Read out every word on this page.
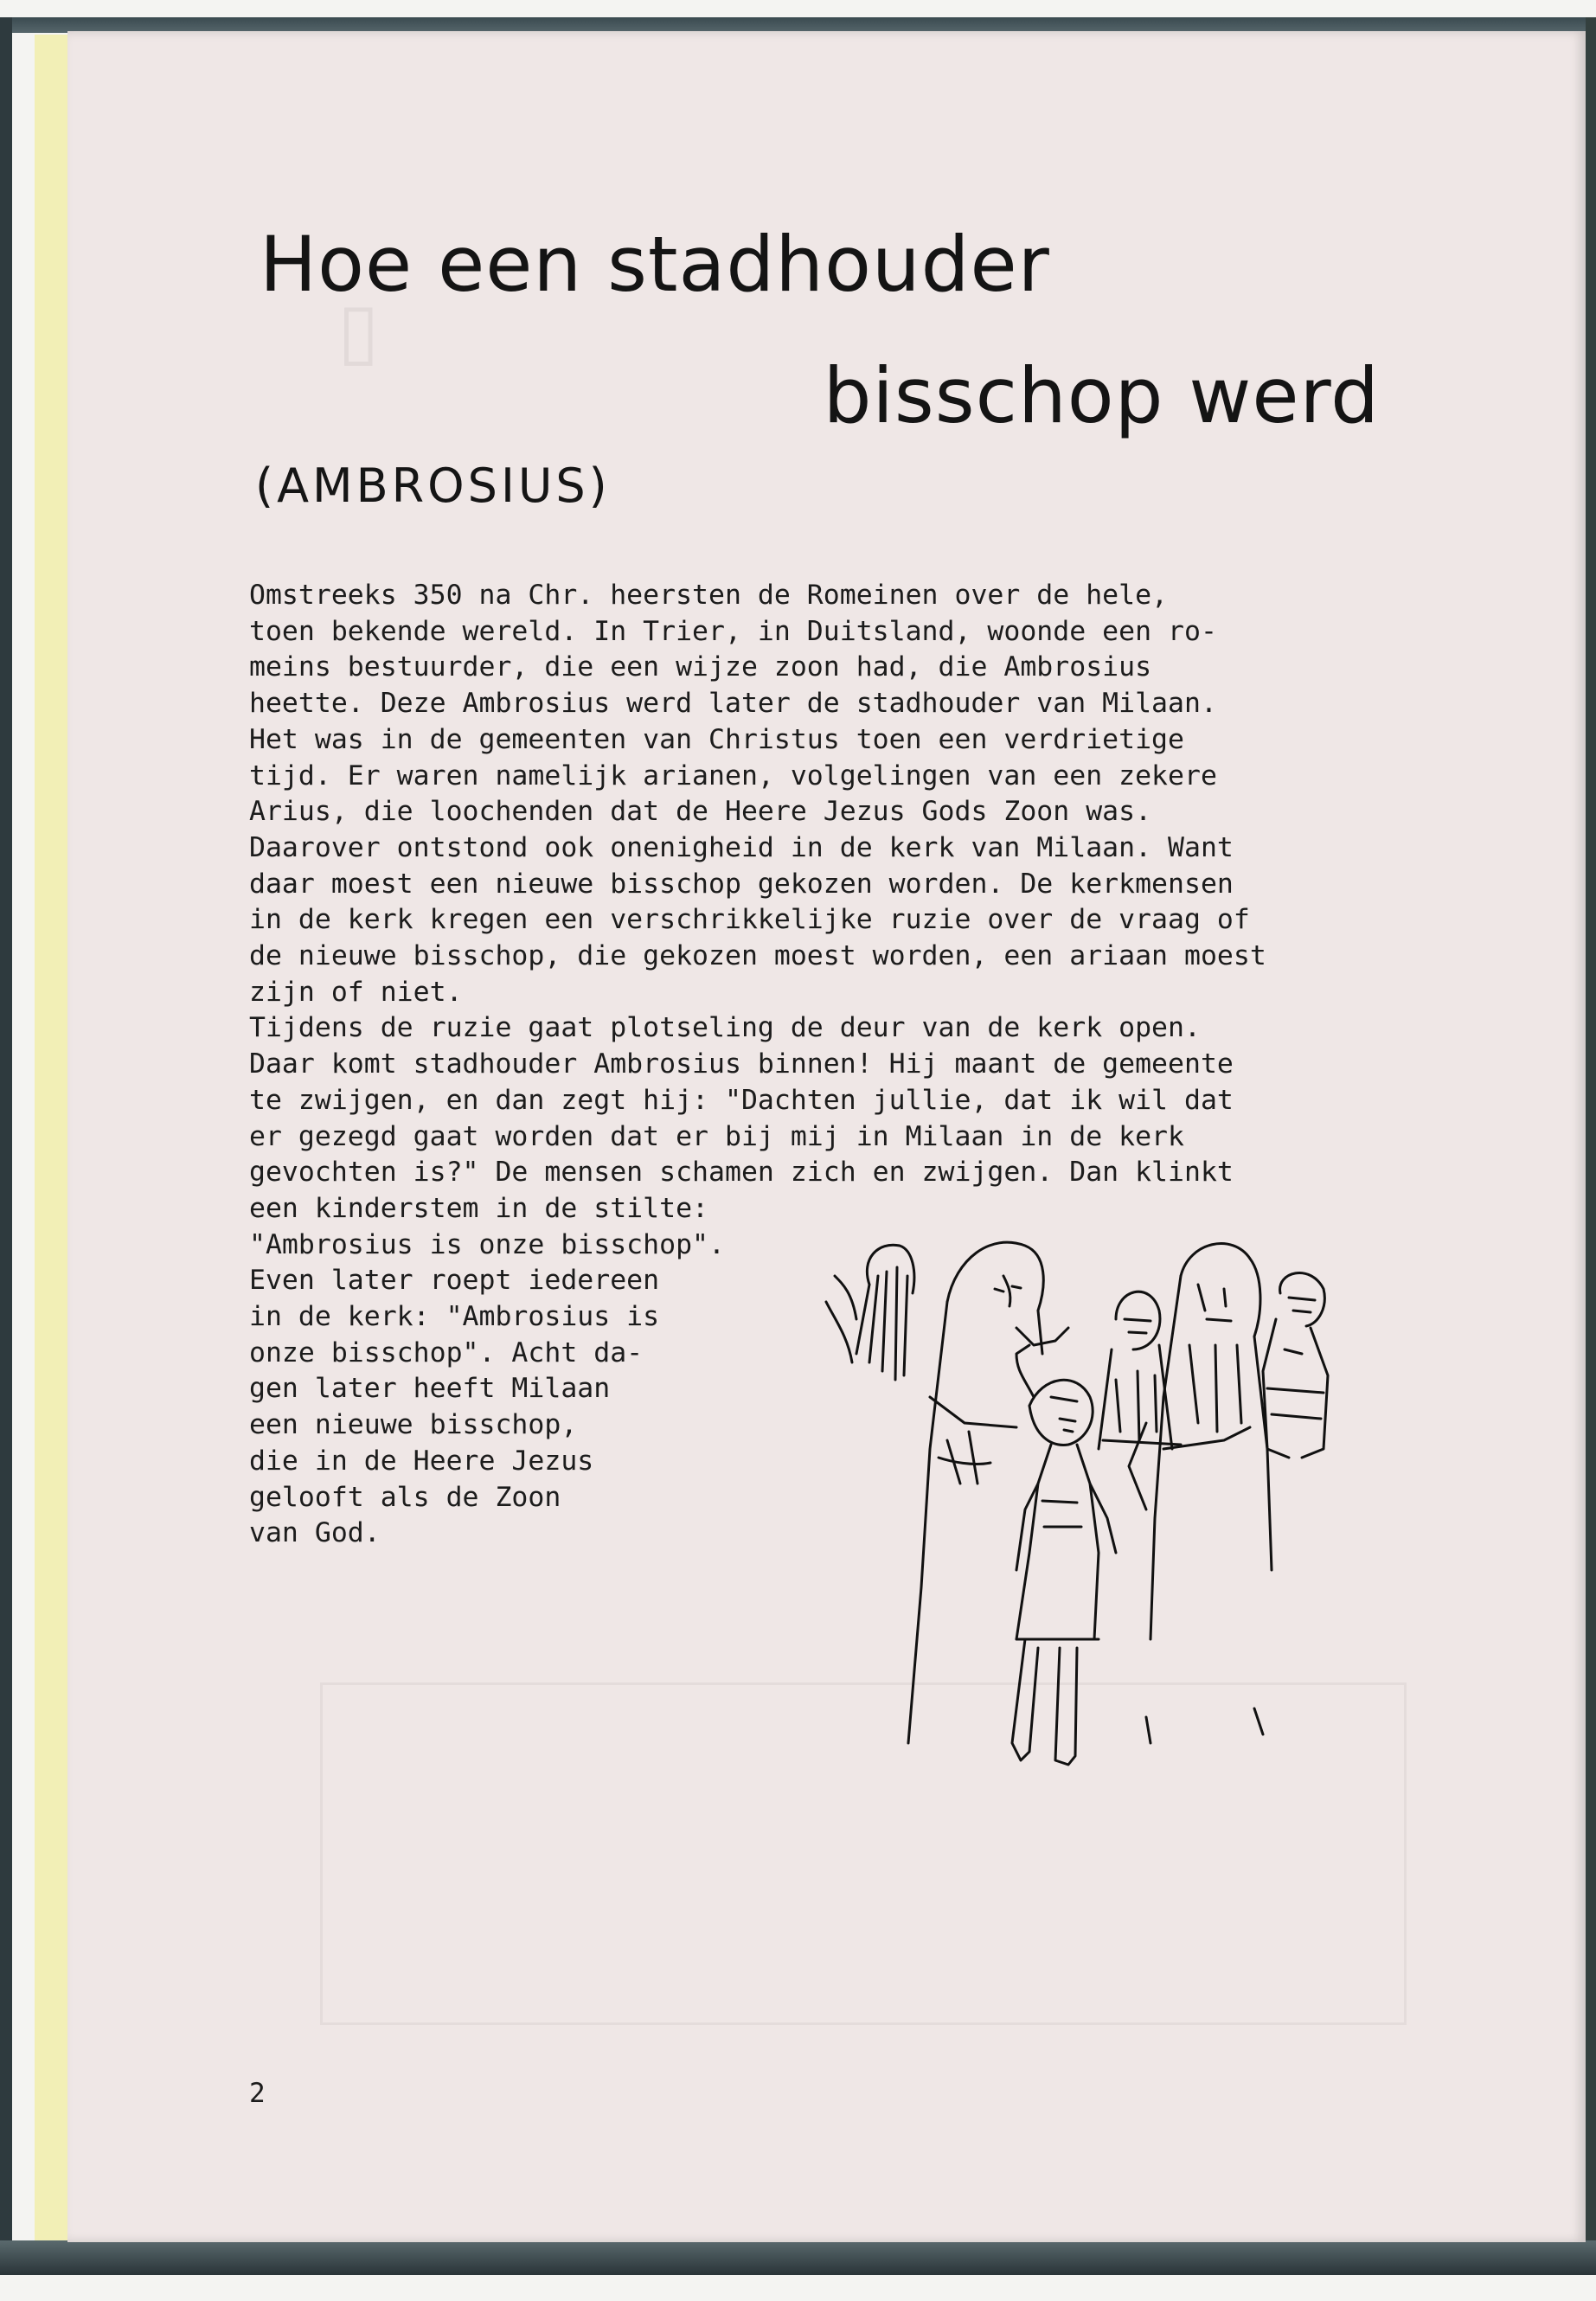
▯
Hoe een stadhouder
bisschop werd
(AMBROSIUS)
Omstreeks 350 na Chr. heersten de Romeinen over de hele,
toen bekende wereld. In Trier, in Duitsland, woonde een ro-
meins bestuurder, die een wijze zoon had, die Ambrosius
heette. Deze Ambrosius werd later de stadhouder van Milaan.
Het was in de gemeenten van Christus toen een verdrietige
tijd. Er waren namelijk arianen, volgelingen van een zekere
Arius, die loochenden dat de Heere Jezus Gods Zoon was.
Daarover ontstond ook onenigheid in de kerk van Milaan. Want
daar moest een nieuwe bisschop gekozen worden. De kerkmensen
in de kerk kregen een verschrikkelijke ruzie over de vraag of
de nieuwe bisschop, die gekozen moest worden, een ariaan moest
zijn of niet.
Tijdens de ruzie gaat plotseling de deur van de kerk open.
Daar komt stadhouder Ambrosius binnen! Hij maant de gemeente
te zwijgen, en dan zegt hij: "Dachten jullie, dat ik wil dat
er gezegd gaat worden dat er bij mij in Milaan in de kerk
gevochten is?" De mensen schamen zich en zwijgen. Dan klinkt
een kinderstem in de stilte:
"Ambrosius is onze bisschop".
Even later roept iedereen
in de kerk: "Ambrosius is
onze bisschop". Acht da-
gen later heeft Milaan
een nieuwe bisschop,
die in de Heere Jezus
gelooft als de Zoon
van God.
2
